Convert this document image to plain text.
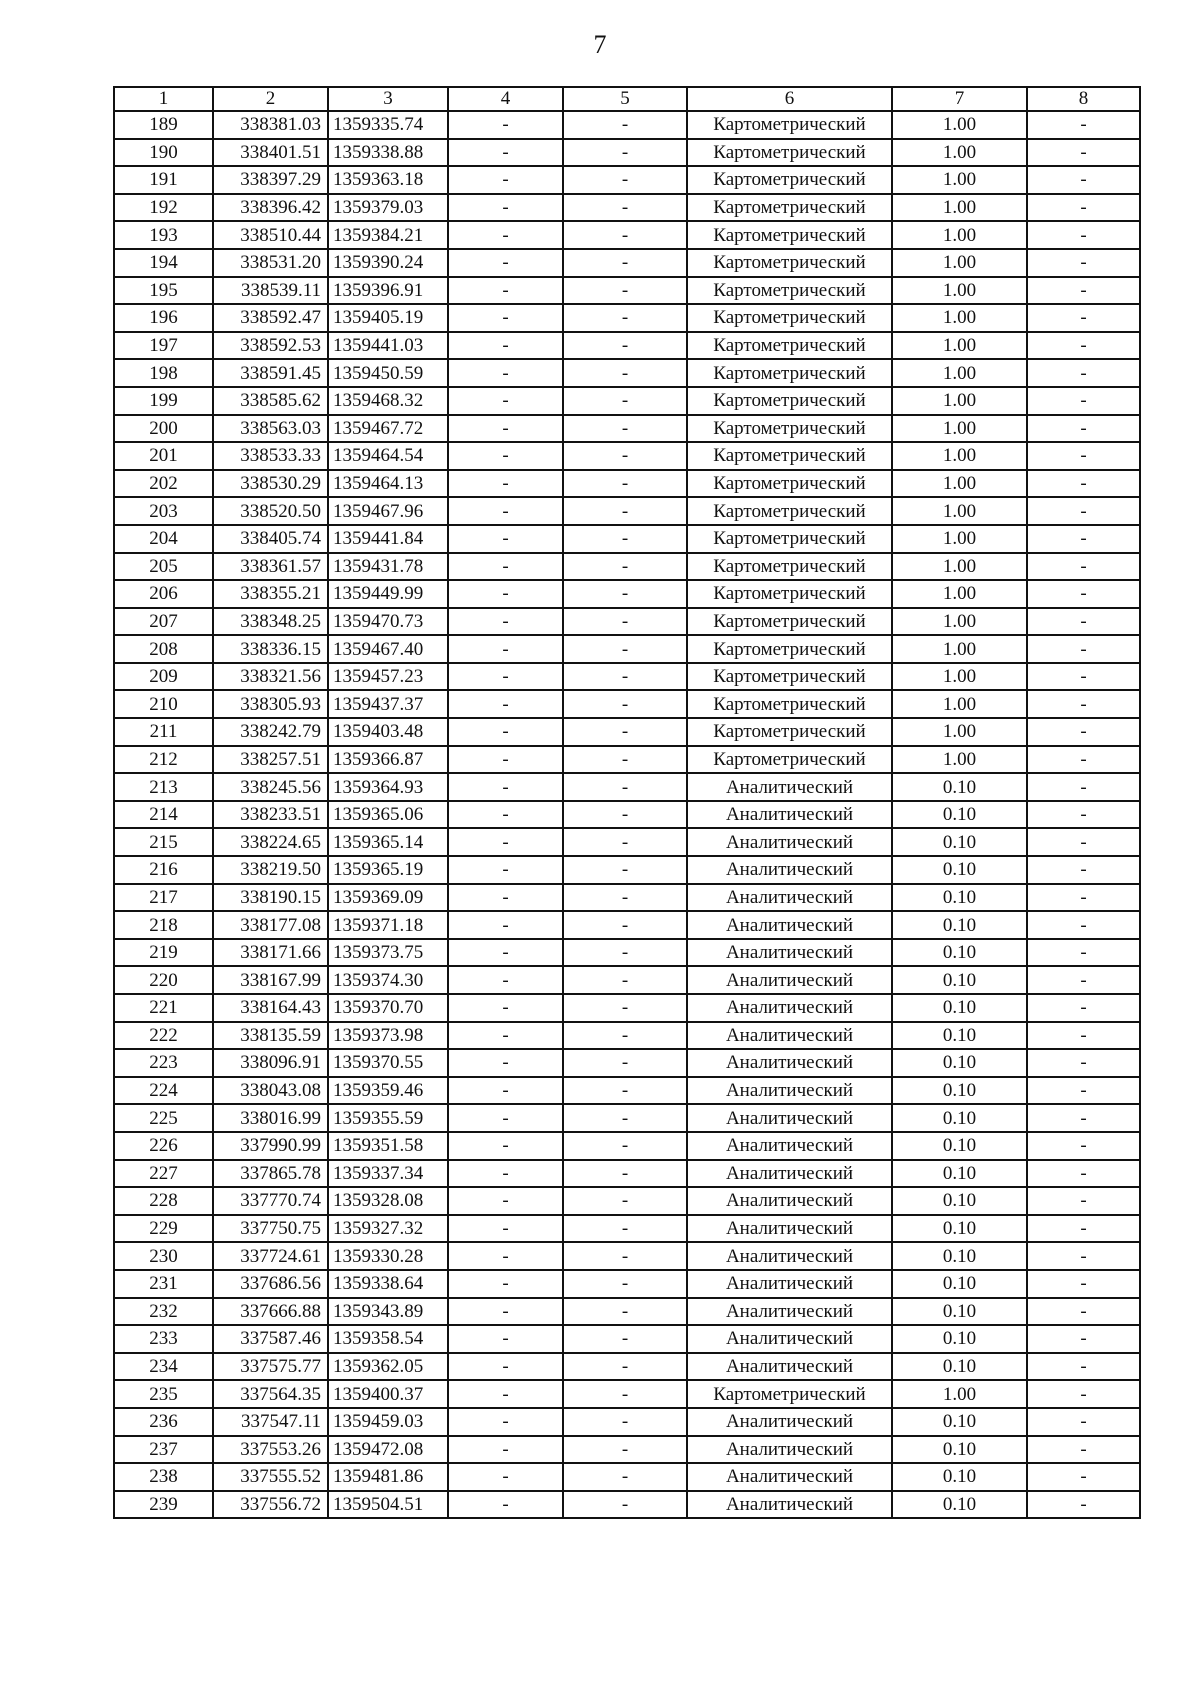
7
1	2	3	4	5	6	7	8
189	338381.03	1359335.74	-	-	Картометрический	1.00	-
190	338401.51	1359338.88	-	-	Картометрический	1.00	-
191	338397.29	1359363.18	-	-	Картометрический	1.00	-
192	338396.42	1359379.03	-	-	Картометрический	1.00	-
193	338510.44	1359384.21	-	-	Картометрический	1.00	-
194	338531.20	1359390.24	-	-	Картометрический	1.00	-
195	338539.11	1359396.91	-	-	Картометрический	1.00	-
196	338592.47	1359405.19	-	-	Картометрический	1.00	-
197	338592.53	1359441.03	-	-	Картометрический	1.00	-
198	338591.45	1359450.59	-	-	Картометрический	1.00	-
199	338585.62	1359468.32	-	-	Картометрический	1.00	-
200	338563.03	1359467.72	-	-	Картометрический	1.00	-
201	338533.33	1359464.54	-	-	Картометрический	1.00	-
202	338530.29	1359464.13	-	-	Картометрический	1.00	-
203	338520.50	1359467.96	-	-	Картометрический	1.00	-
204	338405.74	1359441.84	-	-	Картометрический	1.00	-
205	338361.57	1359431.78	-	-	Картометрический	1.00	-
206	338355.21	1359449.99	-	-	Картометрический	1.00	-
207	338348.25	1359470.73	-	-	Картометрический	1.00	-
208	338336.15	1359467.40	-	-	Картометрический	1.00	-
209	338321.56	1359457.23	-	-	Картометрический	1.00	-
210	338305.93	1359437.37	-	-	Картометрический	1.00	-
211	338242.79	1359403.48	-	-	Картометрический	1.00	-
212	338257.51	1359366.87	-	-	Картометрический	1.00	-
213	338245.56	1359364.93	-	-	Аналитический	0.10	-
214	338233.51	1359365.06	-	-	Аналитический	0.10	-
215	338224.65	1359365.14	-	-	Аналитический	0.10	-
216	338219.50	1359365.19	-	-	Аналитический	0.10	-
217	338190.15	1359369.09	-	-	Аналитический	0.10	-
218	338177.08	1359371.18	-	-	Аналитический	0.10	-
219	338171.66	1359373.75	-	-	Аналитический	0.10	-
220	338167.99	1359374.30	-	-	Аналитический	0.10	-
221	338164.43	1359370.70	-	-	Аналитический	0.10	-
222	338135.59	1359373.98	-	-	Аналитический	0.10	-
223	338096.91	1359370.55	-	-	Аналитический	0.10	-
224	338043.08	1359359.46	-	-	Аналитический	0.10	-
225	338016.99	1359355.59	-	-	Аналитический	0.10	-
226	337990.99	1359351.58	-	-	Аналитический	0.10	-
227	337865.78	1359337.34	-	-	Аналитический	0.10	-
228	337770.74	1359328.08	-	-	Аналитический	0.10	-
229	337750.75	1359327.32	-	-	Аналитический	0.10	-
230	337724.61	1359330.28	-	-	Аналитический	0.10	-
231	337686.56	1359338.64	-	-	Аналитический	0.10	-
232	337666.88	1359343.89	-	-	Аналитический	0.10	-
233	337587.46	1359358.54	-	-	Аналитический	0.10	-
234	337575.77	1359362.05	-	-	Аналитический	0.10	-
235	337564.35	1359400.37	-	-	Картометрический	1.00	-
236	337547.11	1359459.03	-	-	Аналитический	0.10	-
237	337553.26	1359472.08	-	-	Аналитический	0.10	-
238	337555.52	1359481.86	-	-	Аналитический	0.10	-
239	337556.72	1359504.51	-	-	Аналитический	0.10	-
